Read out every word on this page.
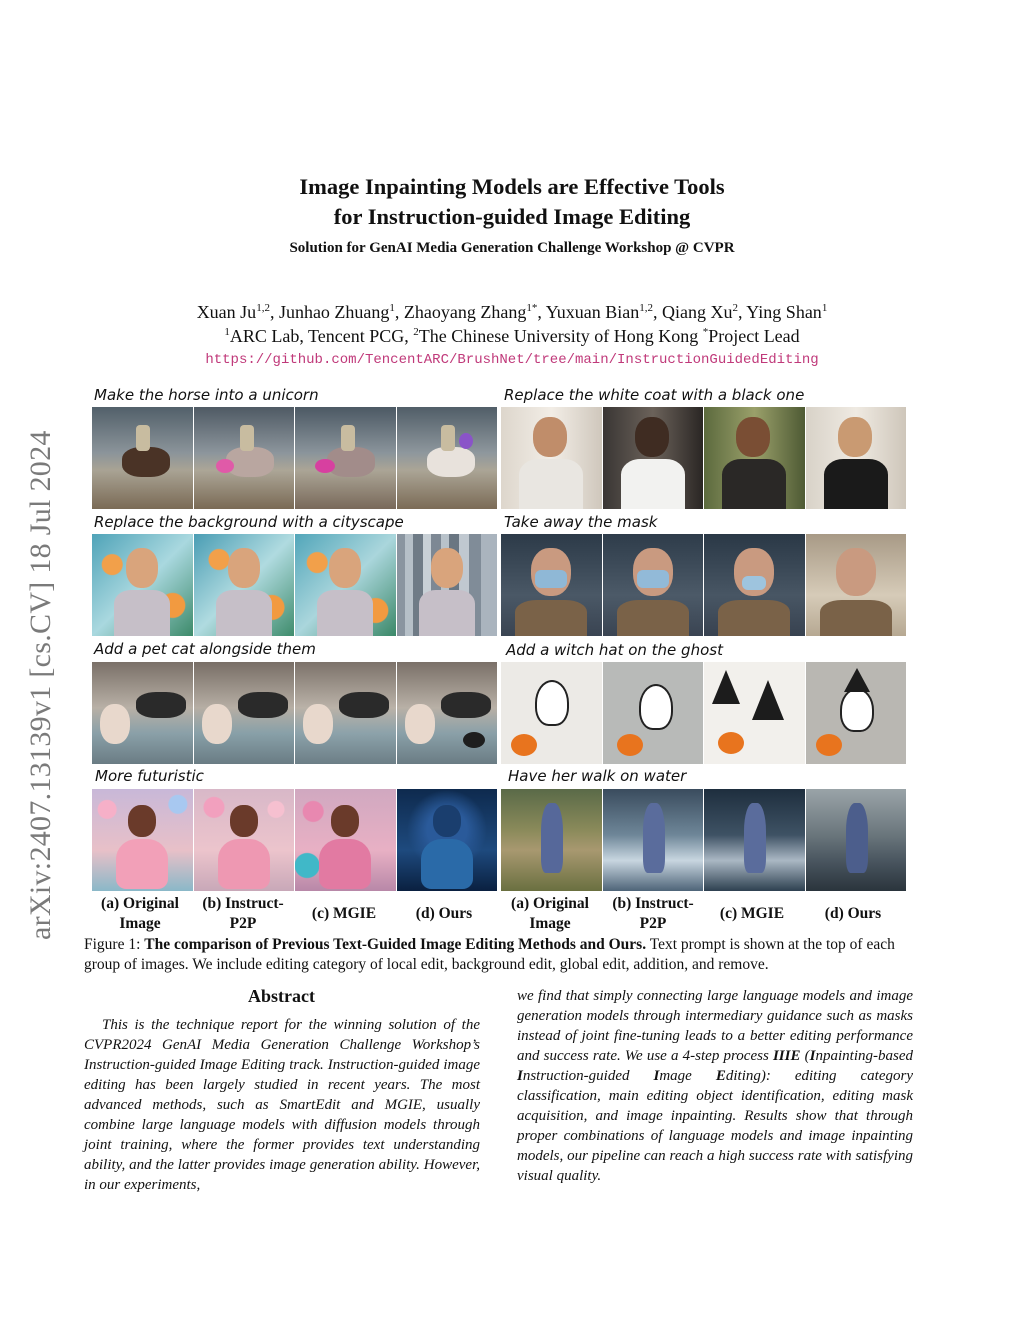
arXiv:2407.13139v1 [cs.CV] 18 Jul 2024
Image Inpainting Models are Effective Tools
for Instruction-guided Image Editing
Solution for GenAI Media Generation Challenge Workshop @ CVPR
Xuan Ju$^{1,2}$, Junhao Zhuang$^1$, Zhaoyang Zhang$^{1*}$, Yuxuan Bian$^{1,2}$, Qiang Xu$^2$, Ying Shan$^1$
$^1$ARC Lab, Tencent PCG, $^2$The Chinese University of Hong Kong *Project Lead
https://github.com/TencentARC/BrushNet/tree/main/InstructionGuidedEditing
Make the horse into a unicorn	Replace the white coat with a black one
Replace the background with a cityscape	Take away the mask
Add a pet cat alongside them	Add a witch hat on the ghost
More futuristic	Have her walk on water
(a) Original
Image
(b) Instruct-
P2P
(c) MGIE	(d) Ours
(a) Original
Image
(b) Instruct-
P2P
(c) MGIE	(d) Ours
Figure 1: The comparison of Previous Text-Guided Image Editing Methods and Ours. Text prompt is shown at the top of each group of images. We include editing category of local edit, background edit, global edit, addition, and remove.
Abstract
This is the technique report for the winning solution of the CVPR2024 GenAI Media Generation Challenge Workshop’s Instruction-guided Image Editing track. Instruction-guided image editing has been largely studied in recent years. The most advanced methods, such as SmartEdit and MGIE, usually combine large language models with diffusion models through joint training, where the former provides text understanding ability, and the latter provides image generation ability. However, in our experiments,
we find that simply connecting large language models and image generation models through intermediary guidance such as masks instead of joint fine-tuning leads to a better editing performance and success rate. We use a 4-step process IIIE (Inpainting-based Instruction-guided Image Editing): editing category classification, main editing object identification, editing mask acquisition, and image inpainting. Results show that through proper combinations of language models and image inpainting models, our pipeline can reach a high success rate with satisfying visual quality.
